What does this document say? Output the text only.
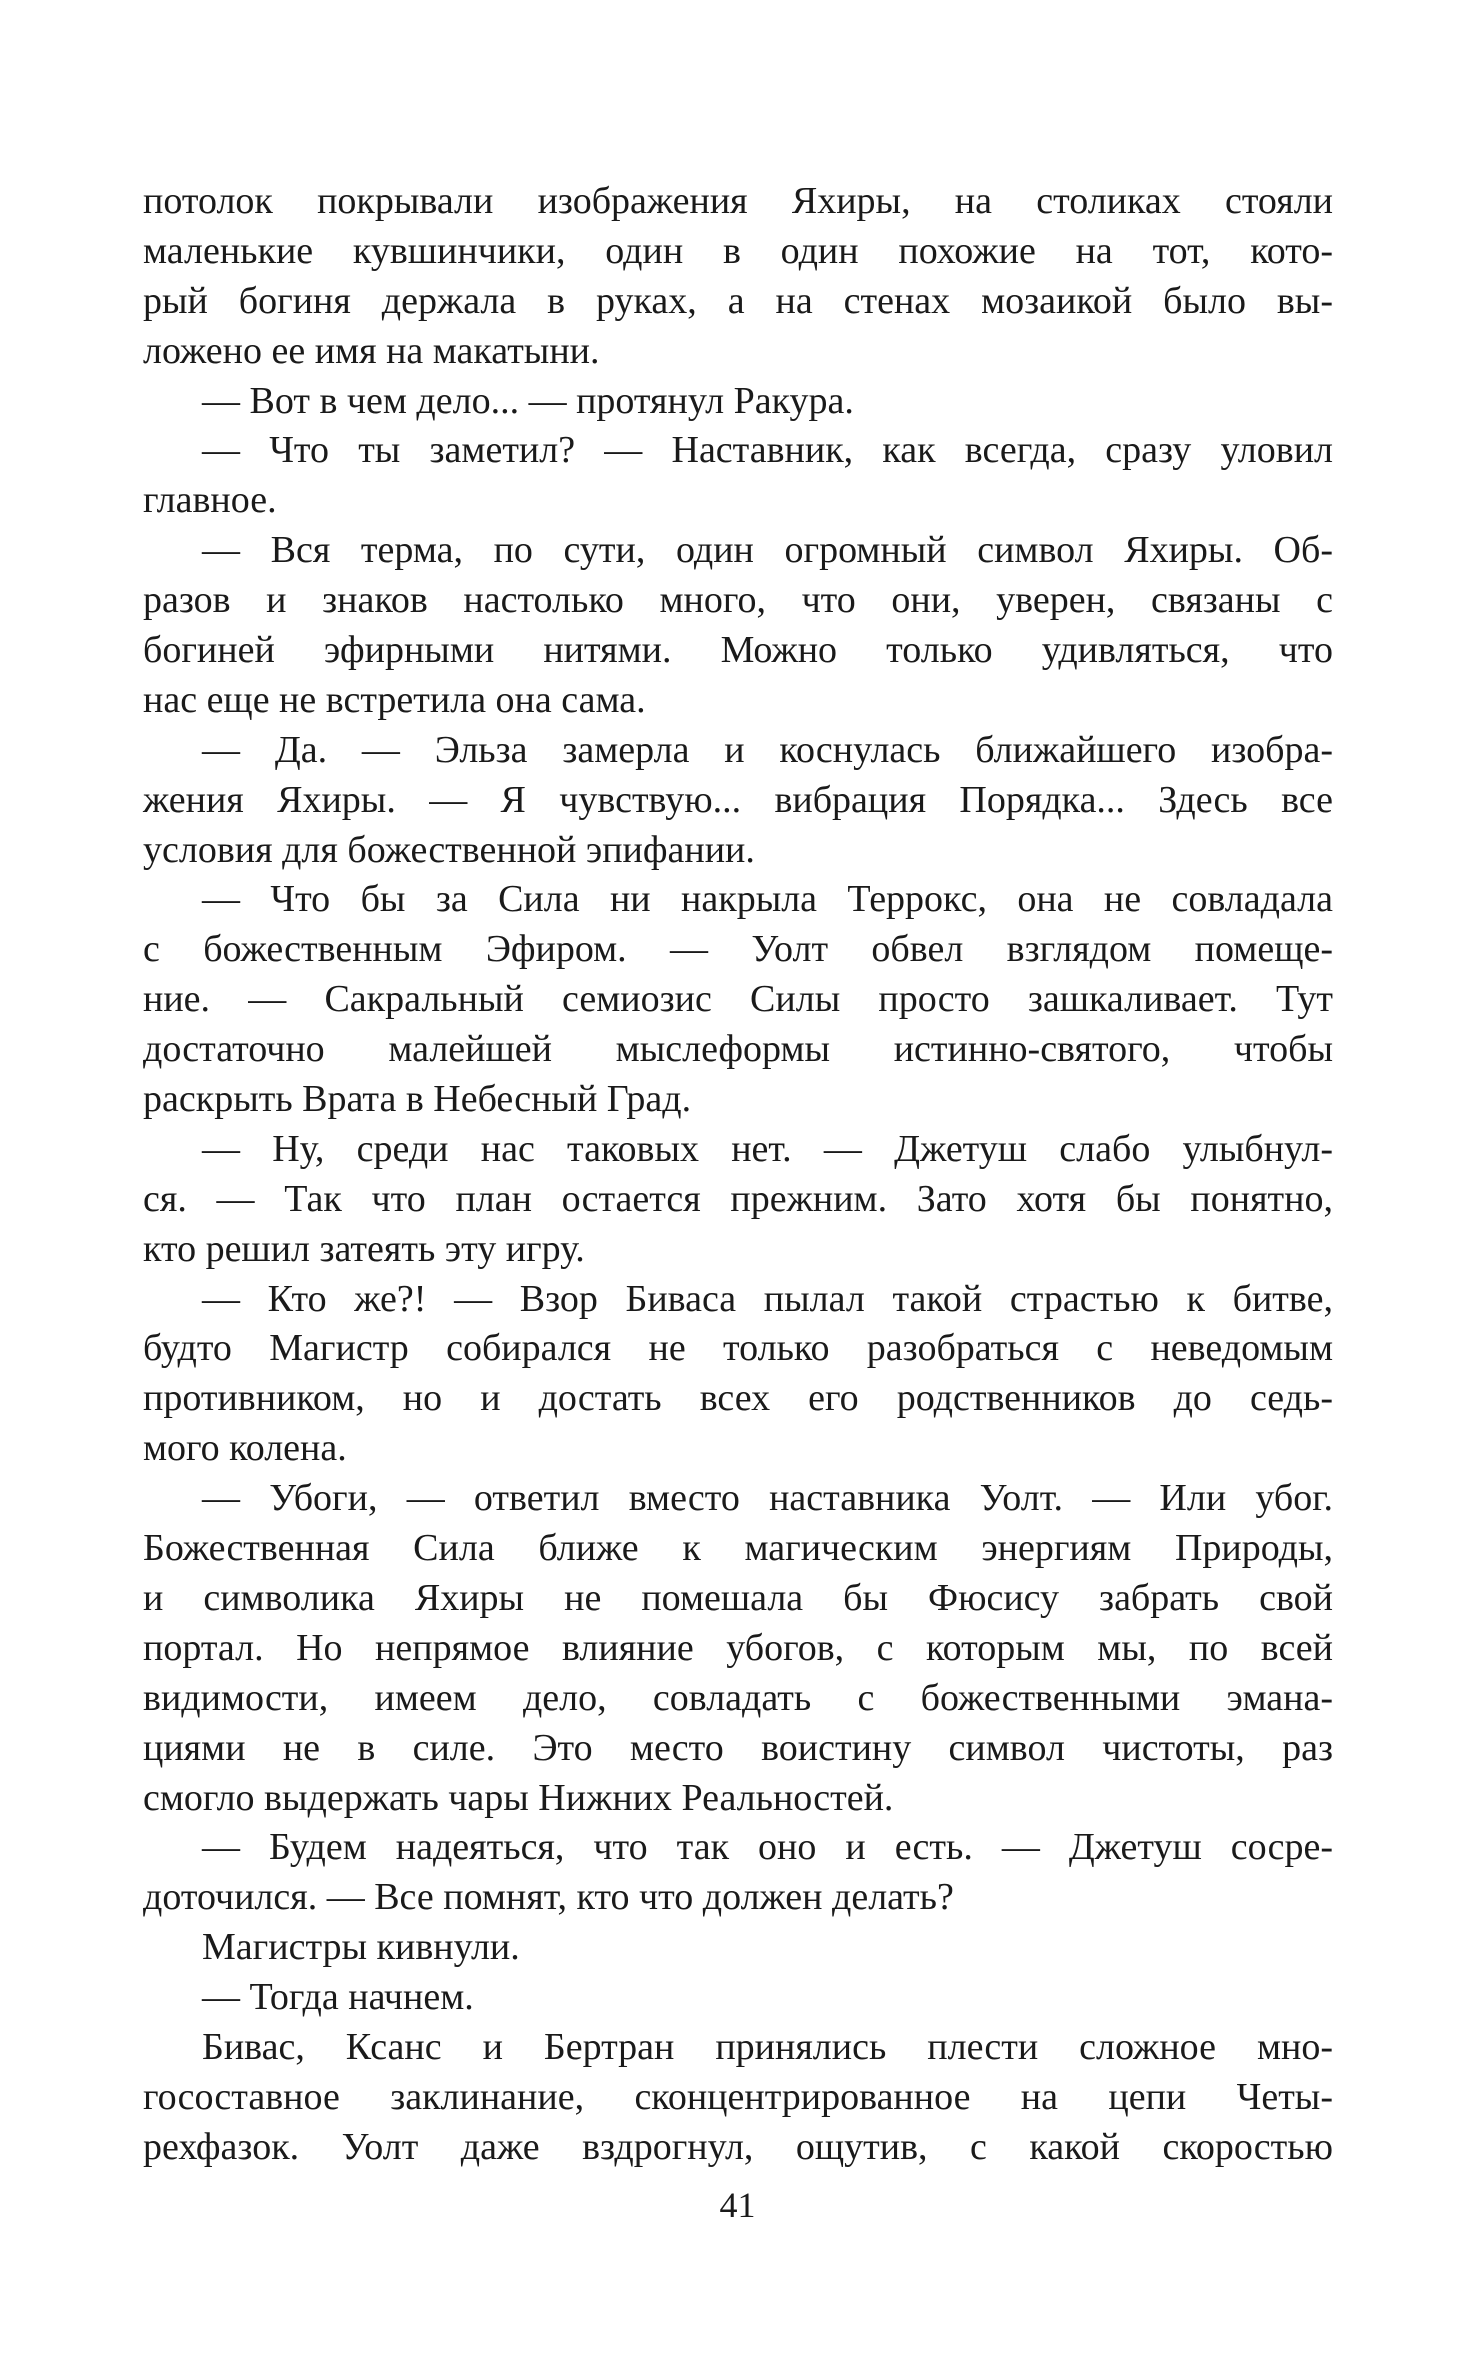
потолок покрывали изображения Яхиры, на столиках стояли
маленькие кувшинчики, один в один похожие на тот, кото-
рый богиня держала в руках, а на стенах мозаикой было вы-
ложено ее имя на макатыни.
— Вот в чем дело... — протянул Ракура.
— Что ты заметил? — Наставник, как всегда, сразу уловил
главное.
— Вся терма, по сути, один огромный символ Яхиры. Об-
разов и знаков настолько много, что они, уверен, связаны с
богиней эфирными нитями. Можно только удивляться, что
нас еще не встретила она сама.
— Да. — Эльза замерла и коснулась ближайшего изобра-
жения Яхиры. — Я чувствую... вибрация Порядка... Здесь все
условия для божественной эпифании.
— Что бы за Сила ни накрыла Террокс, она не совладала
с божественным Эфиром. — Уолт обвел взглядом помеще-
ние. — Сакральный семиозис Силы просто зашкаливает. Тут
достаточно малейшей мыслеформы истинно-святого, чтобы
раскрыть Врата в Небесный Град.
— Ну, среди нас таковых нет. — Джетуш слабо улыбнул-
ся. — Так что план остается прежним. Зато хотя бы понятно,
кто решил затеять эту игру.
— Кто же?! — Взор Биваса пылал такой страстью к битве,
будто Магистр собирался не только разобраться с неведомым
противником, но и достать всех его родственников до седь-
мого колена.
— Убоги, — ответил вместо наставника Уолт. — Или убог.
Божественная Сила ближе к магическим энергиям Природы,
и символика Яхиры не помешала бы Фюсису забрать свой
портал. Но непрямое влияние убогов, с которым мы, по всей
видимости, имеем дело, совладать с божественными эмана-
циями не в силе. Это место воистину символ чистоты, раз
смогло выдержать чары Нижних Реальностей.
— Будем надеяться, что так оно и есть. — Джетуш сосре-
доточился. — Все помнят, кто что должен делать?
Магистры кивнули.
— Тогда начнем.
Бивас, Ксанс и Бертран принялись плести сложное мно-
госоставное заклинание, сконцентрированное на цепи Четы-
рехфазок. Уолт даже вздрогнул, ощутив, с какой скоростью
41
